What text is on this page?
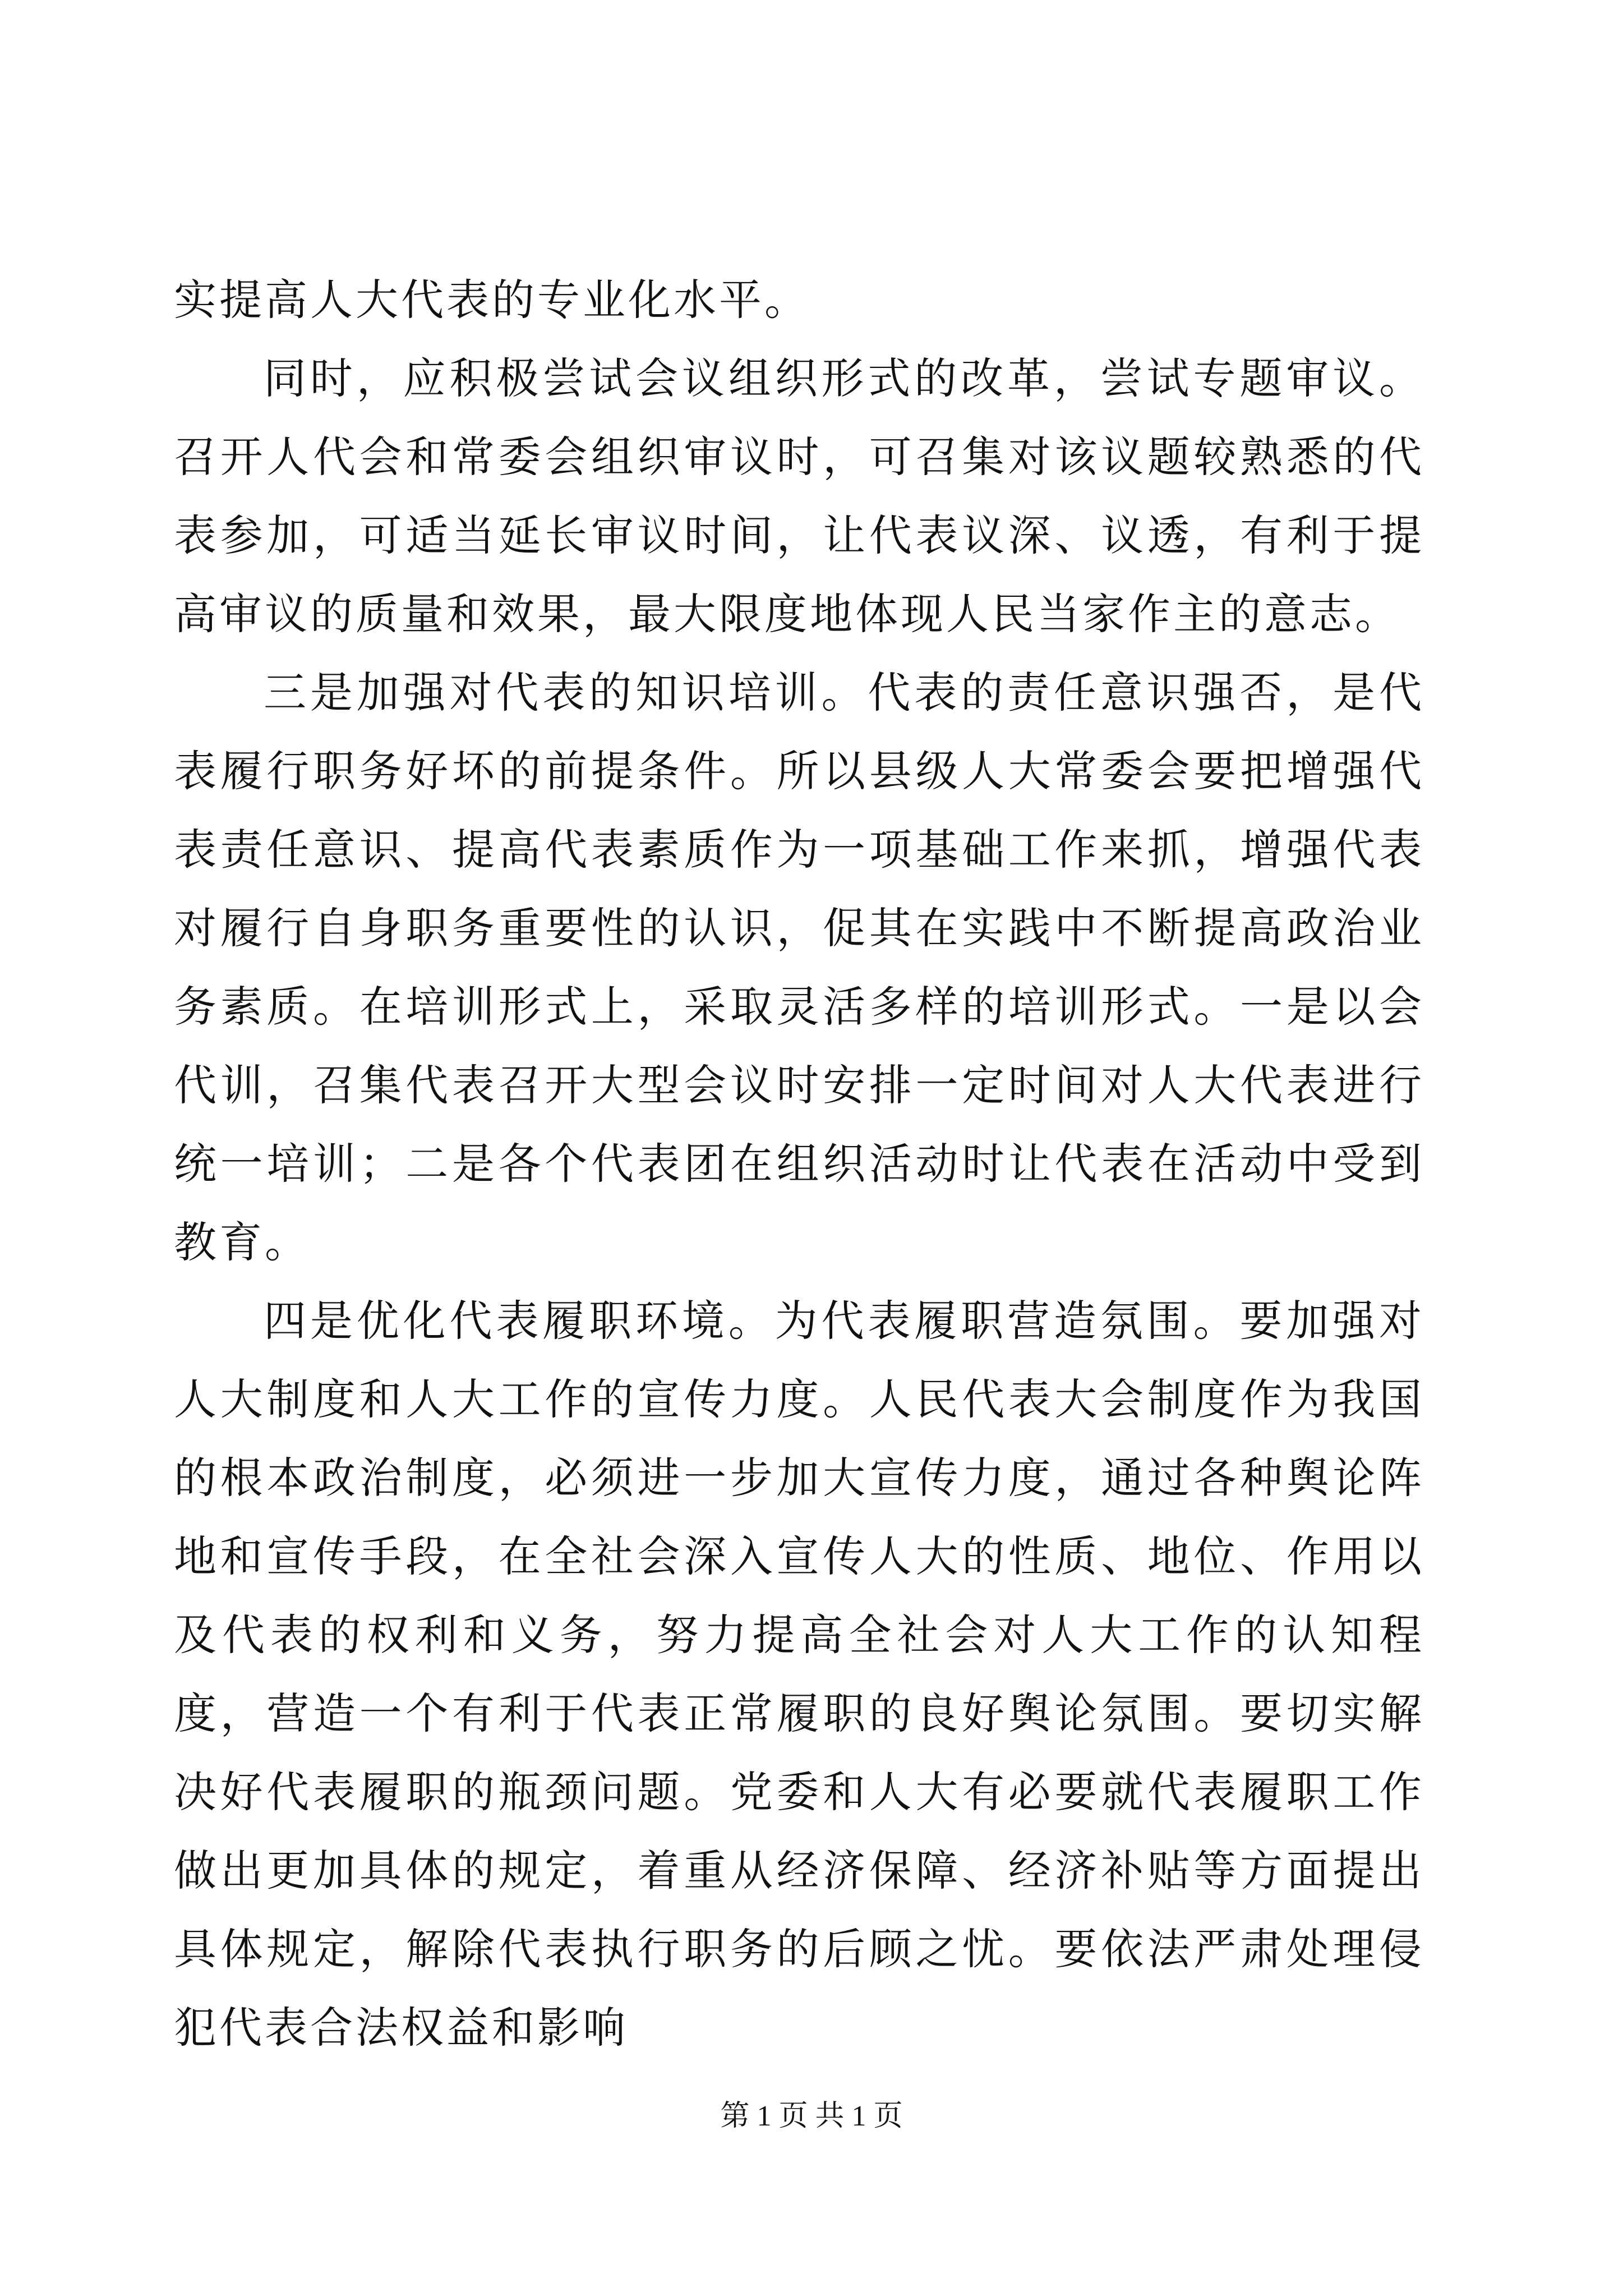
实提高人大代表的专业化水平。

同时，应积极尝试会议组织形式的改革，尝试专题审议。召开人代会和常委会组织审议时，可召集对该议题较熟悉的代表参加，可适当延长审议时间，让代表议深、议透，有利于提高审议的质量和效果，最大限度地体现人民当家作主的意志。

三是加强对代表的知识培训。代表的责任意识强否，是代表履行职务好坏的前提条件。所以县级人大常委会要把增强代表责任意识、提高代表素质作为一项基础工作来抓，增强代表对履行自身职务重要性的认识，促其在实践中不断提高政治业务素质。在培训形式上，采取灵活多样的培训形式。一是以会代训，召集代表召开大型会议时安排一定时间对人大代表进行统一培训；二是各个代表团在组织活动时让代表在活动中受到教育。

四是优化代表履职环境。为代表履职营造氛围。要加强对人大制度和人大工作的宣传力度。人民代表大会制度作为我国的根本政治制度，必须进一步加大宣传力度，通过各种舆论阵地和宣传手段，在全社会深入宣传人大的性质、地位、作用以及代表的权利和义务，努力提高全社会对人大工作的认知程度，营造一个有利于代表正常履职的良好舆论氛围。要切实解决好代表履职的瓶颈问题。党委和人大有必要就代表履职工作做出更加具体的规定，着重从经济保障、经济补贴等方面提出具体规定，解除代表执行职务的后顾之忧。要依法严肃处理侵犯代表合法权益和影响

第 1 页 共 1 页
